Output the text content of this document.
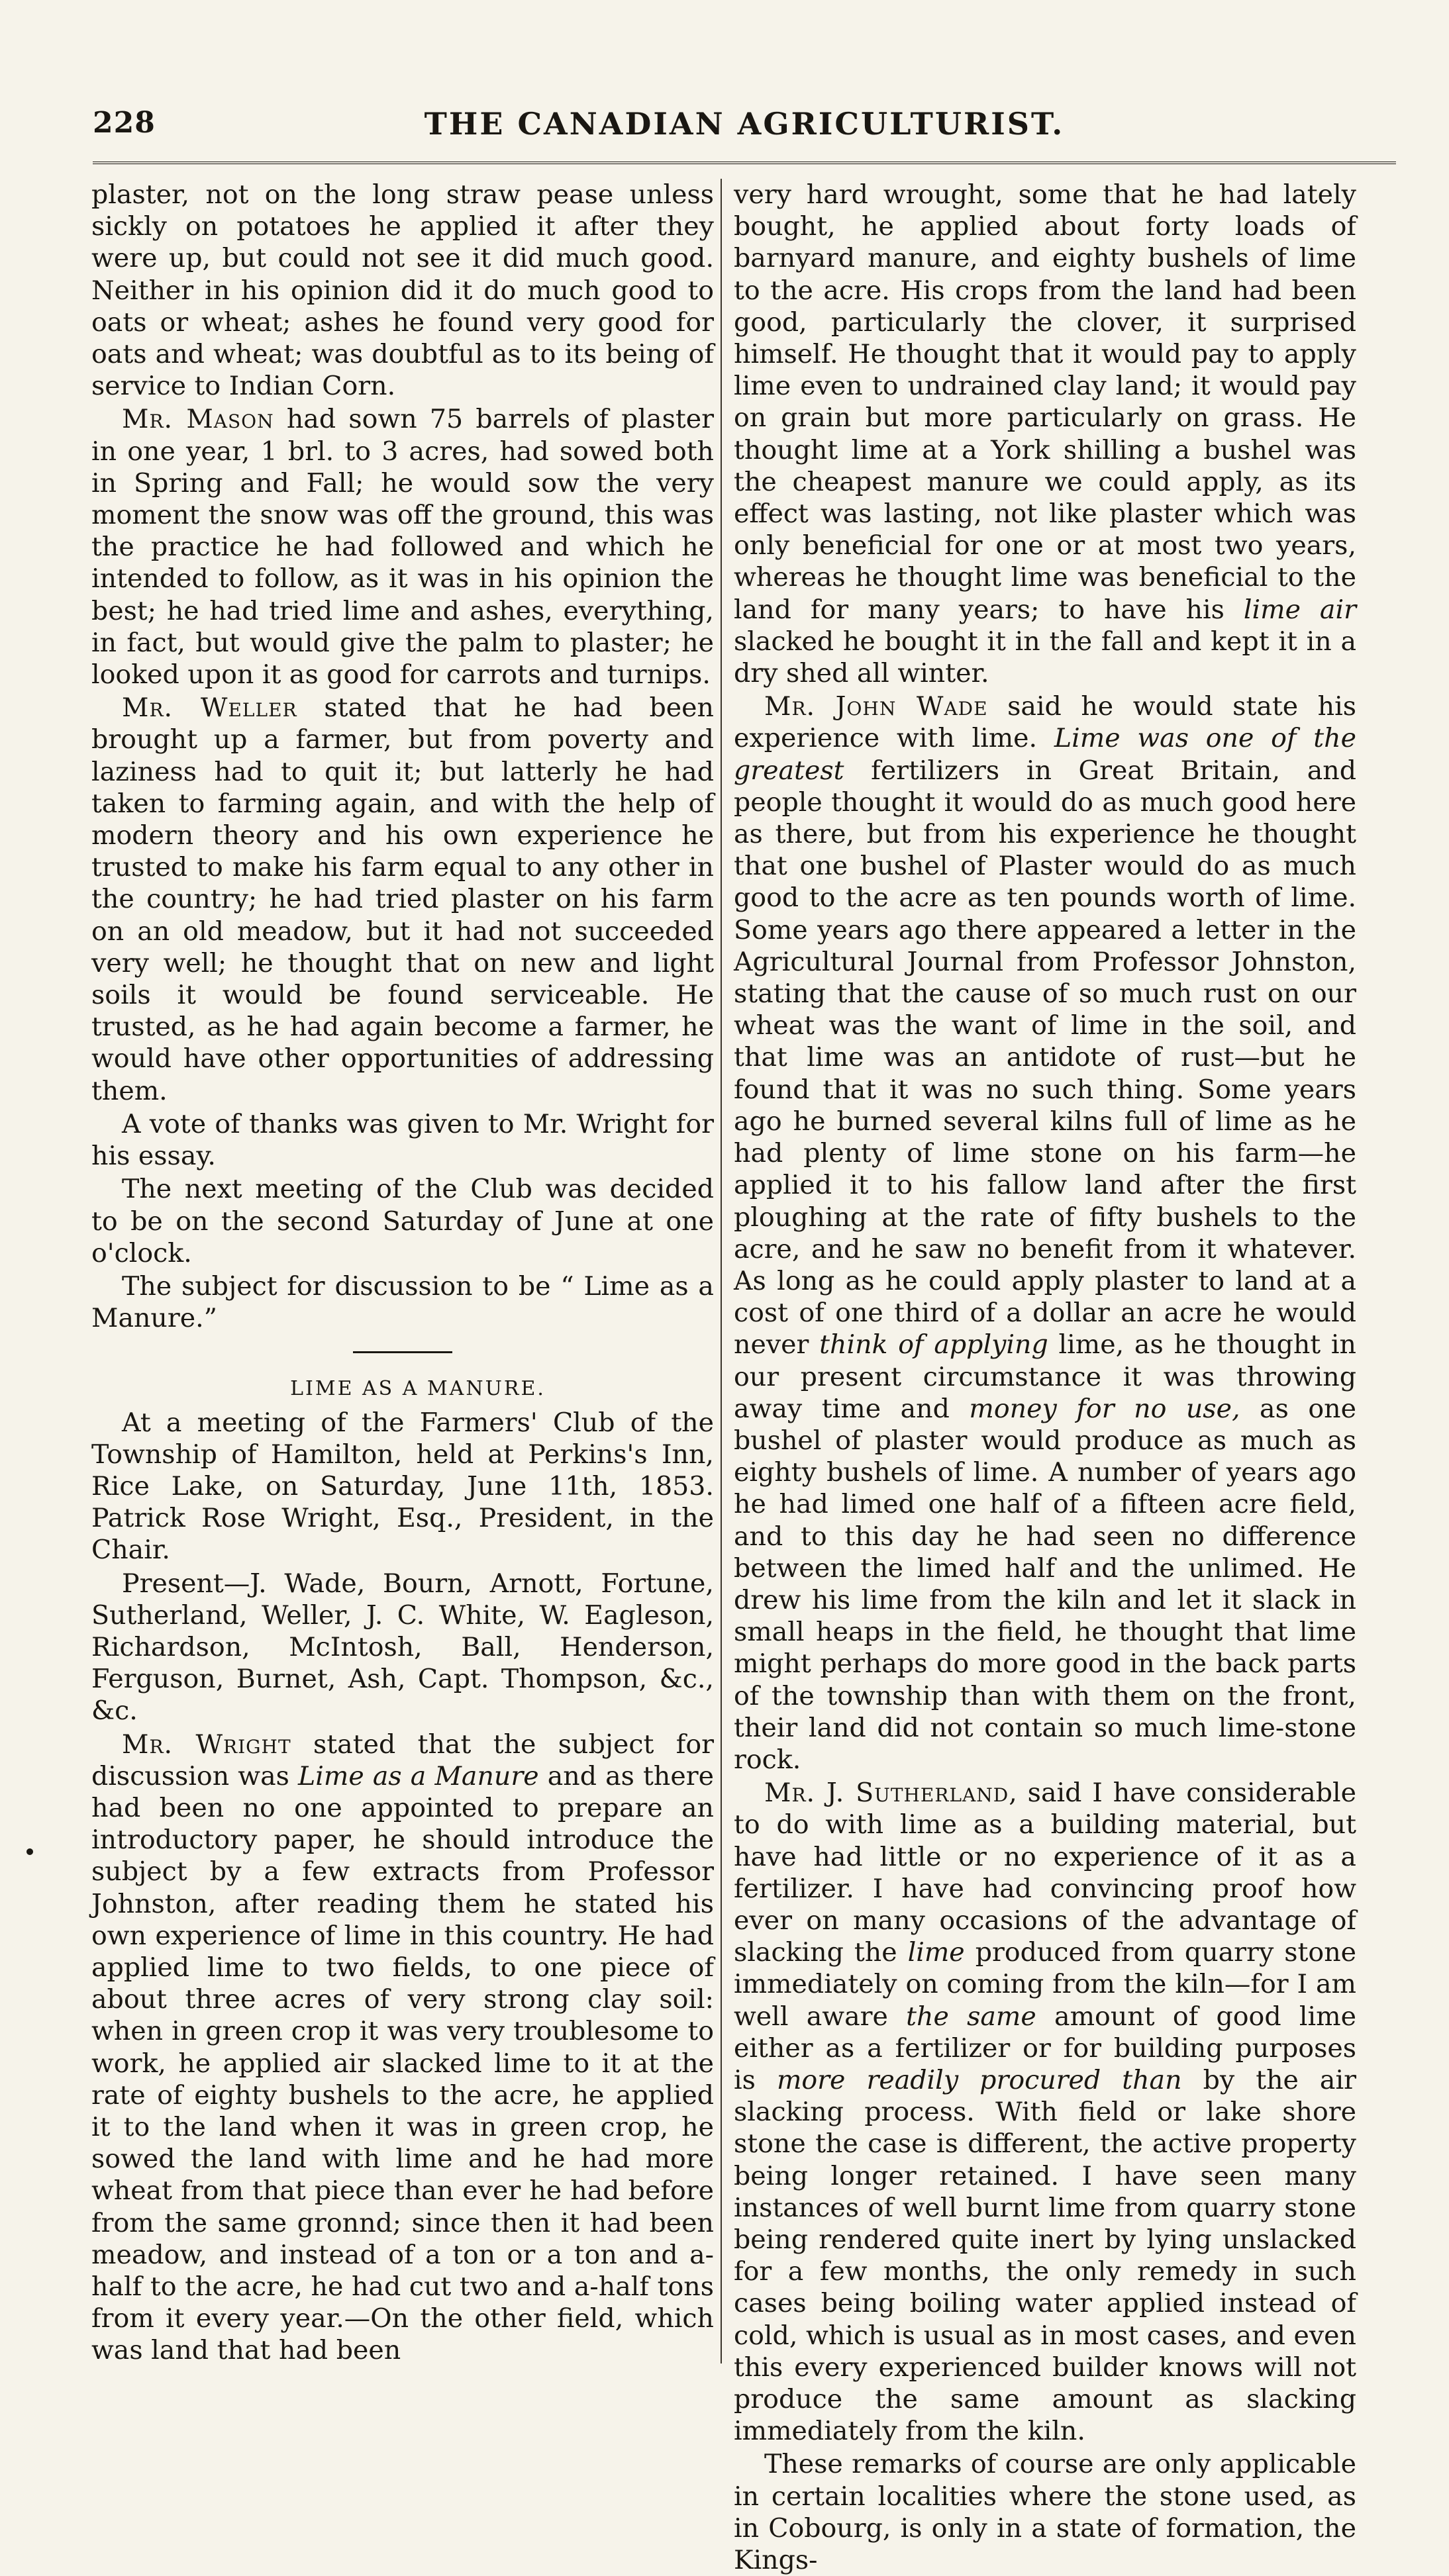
228	THE CANADIAN AGRICULTURIST.

plaster, not on the long straw pease unless sickly on potatoes he applied it after they were up, but could not see it did much good. Neither in his opinion did it do much good to oats or wheat; ashes he found very good for oats and wheat; was doubtful as to its being of service to Indian Corn.

Mr. Mason had sown 75 barrels of plaster in one year, 1 brl. to 3 acres, had sowed both in Spring and Fall; he would sow the very moment the snow was off the ground, this was the practice he had followed and which he intended to follow, as it was in his opinion the best; he had tried lime and ashes, everything, in fact, but would give the palm to plaster; he looked upon it as good for carrots and turnips.

Mr. Weller stated that he had been brought up a farmer, but from poverty and laziness had to quit it; but latterly he had taken to farming again, and with the help of modern theory and his own experience he trusted to make his farm equal to any other in the country; he had tried plaster on his farm on an old meadow, but it had not succeeded very well; he thought that on new and light soils it would be found serviceable. He trusted, as he had again become a farmer, he would have other opportunities of addressing them.

A vote of thanks was given to Mr. Wright for his essay.

The next meeting of the Club was decided to be on the second Saturday of June at one o'clock.

The subject for discussion to be “ Lime as a Manure.”

LIME AS A MANURE.

At a meeting of the Farmers' Club of the Township of Hamilton, held at Perkins's Inn, Rice Lake, on Saturday, June 11th, 1853. Patrick Rose Wright, Esq., President, in the Chair.

Present—J. Wade, Bourn, Arnott, Fortune, Sutherland, Weller, J. C. White, W. Eagleson, Richardson, McIntosh, Ball, Henderson, Ferguson, Burnet, Ash, Capt. Thompson, &c., &c.

Mr. Wright stated that the subject for discussion was Lime as a Manure and as there had been no one appointed to prepare an introductory paper, he should introduce the subject by a few extracts from Professor Johnston, after reading them he stated his own experience of lime in this country. He had applied lime to two fields, to one piece of about three acres of very strong clay soil: when in green crop it was very troublesome to work, he applied air slacked lime to it at the rate of eighty bushels to the acre, he applied it to the land when it was in green crop, he sowed the land with lime and he had more wheat from that piece than ever he had before from the same gronnd; since then it had been meadow, and instead of a ton or a ton and a-half to the acre, he had cut two and a-half tons from it every year.—On the other field, which was land that had been

very hard wrought, some that he had lately bought, he applied about forty loads of barnyard manure, and eighty bushels of lime to the acre. His crops from the land had been good, particularly the clover, it surprised himself. He thought that it would pay to apply lime even to undrained clay land; it would pay on grain but more particularly on grass. He thought lime at a York shilling a bushel was the cheapest manure we could apply, as its effect was lasting, not like plaster which was only beneficial for one or at most two years, whereas he thought lime was beneficial to the land for many years; to have his lime air slacked he bought it in the fall and kept it in a dry shed all winter.

Mr. John Wade said he would state his experience with lime. Lime was one of the greatest fertilizers in Great Britain, and people thought it would do as much good here as there, but from his experience he thought that one bushel of Plaster would do as much good to the acre as ten pounds worth of lime. Some years ago there appeared a letter in the Agricultural Journal from Professor Johnston, stating that the cause of so much rust on our wheat was the want of lime in the soil, and that lime was an antidote of rust—but he found that it was no such thing. Some years ago he burned several kilns full of lime as he had plenty of lime stone on his farm—he applied it to his fallow land after the first ploughing at the rate of fifty bushels to the acre, and he saw no benefit from it whatever. As long as he could apply plaster to land at a cost of one third of a dollar an acre he would never think of applying lime, as he thought in our present circumstance it was throwing away time and money for no use, as one bushel of plaster would produce as much as eighty bushels of lime. A number of years ago he had limed one half of a fifteen acre field, and to this day he had seen no difference between the limed half and the unlimed. He drew his lime from the kiln and let it slack in small heaps in the field, he thought that lime might perhaps do more good in the back parts of the township than with them on the front, their land did not contain so much lime-stone rock.

Mr. J. Sutherland, said I have considerable to do with lime as a building material, but have had little or no experience of it as a fertilizer. I have had convincing proof how ever on many occasions of the advantage of slacking the lime produced from quarry stone immediately on coming from the kiln—for I am well aware the same amount of good lime either as a fertilizer or for building purposes is more readily procured than by the air slacking process. With field or lake shore stone the case is different, the active property being longer retained. I have seen many instances of well burnt lime from quarry stone being rendered quite inert by lying unslacked for a few months, the only remedy in such cases being boiling water applied instead of cold, which is usual as in most cases, and even this every experienced builder knows will not produce the same amount as slacking immediately from the kiln.

These remarks of course are only applicable in certain localities where the stone used, as in Cobourg, is only in a state of formation, the Kings-
